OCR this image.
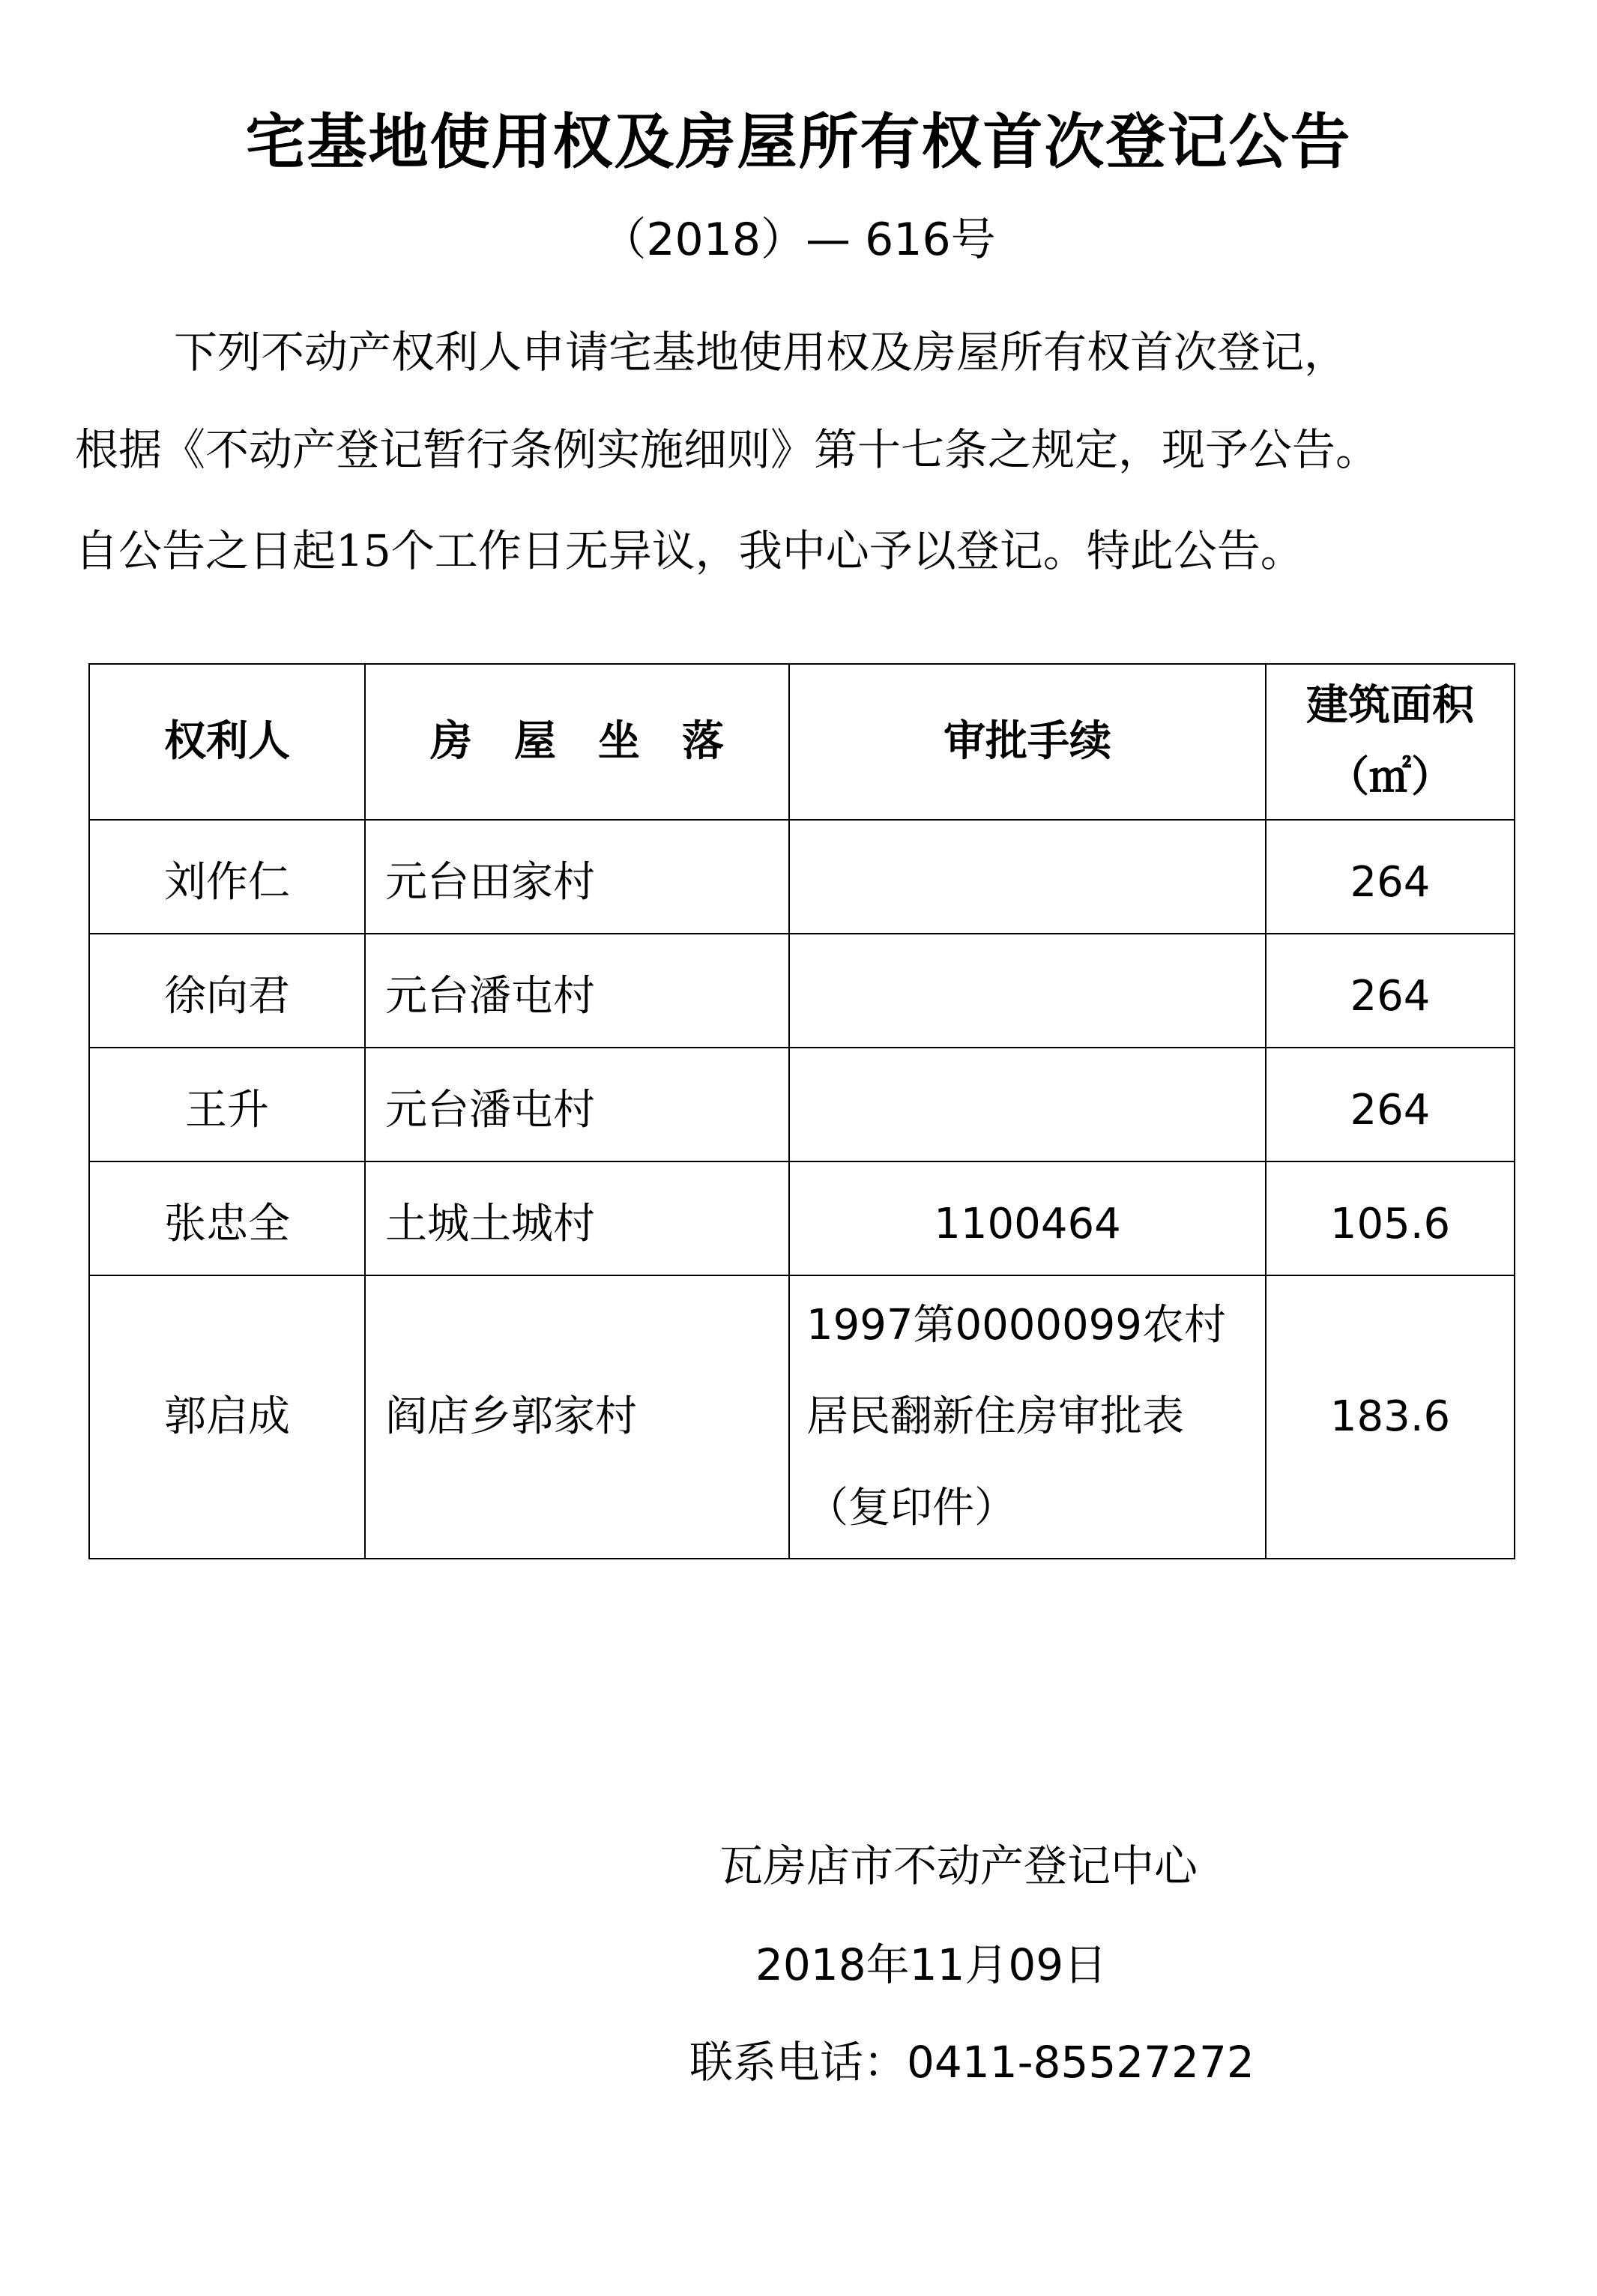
宅基地使用权及房屋所有权首次登记公告
（2018）— 616号
下列不动产权利人申请宅基地使用权及房屋所有权首次登记，
根据《不动产登记暂行条例实施细则》第十七条之规定，现予公告。
自公告之日起15个工作日无异议，我中心予以登记。特此公告。
权利人	房　屋　坐　落	审批手续	建筑面积
（㎡）

刘作仁	元台田家村		264
徐向君	元台潘屯村		264
王升	元台潘屯村		264
张忠全	土城土城村	1100464	105.6
郭启成	阎店乡郭家村	1997第0000099农村居民翻新住房审批表（复印件）	183.6
瓦房店市不动产登记中心
2018年11月09日
联系电话：0411-85527272
